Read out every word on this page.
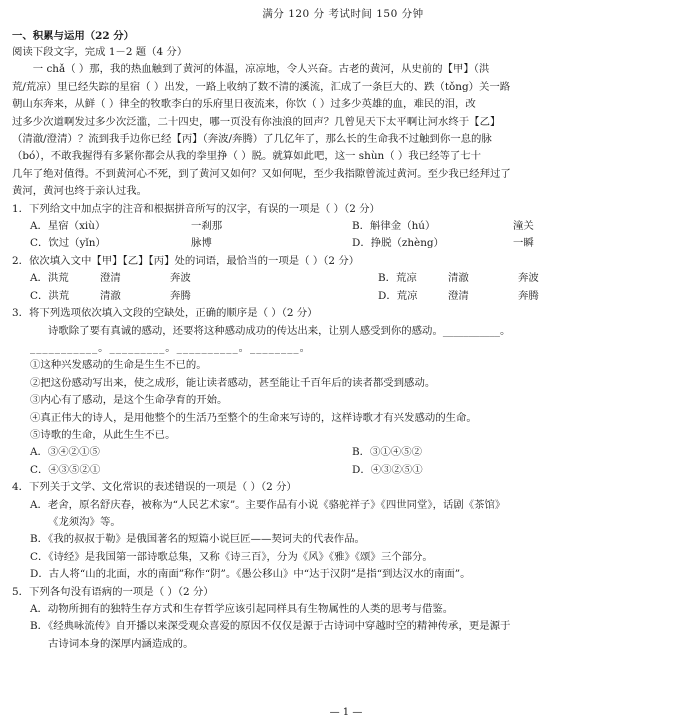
满分 120 分 考试时间 150 分钟
一、积累与运用（22 分）
阅读下段文字，完成 1－2 题（4 分）
一 chǎ（ ）那，我的热血触到了黄河的体温，凉凉地，令人兴奋。古老的黄河，从史前的【甲】（洪
荒/荒凉）里已经失踪的星宿（ ）出发，一路上收纳了数不清的溪流，汇成了一条巨大的、跌（tǒng）关一路
朝山东奔来，从鲜（ ）律全的牧歌李白的乐府里日夜流来，你饮（ ）过多少英雄的血，难民的泪，改
过多少次道啊发过多少次泛滥，二十四史，哪一页没有你浊浪的回声？几曾见天下太平啊让河水终于【乙】
（清澈/澄清）？流到我手边你已经【丙】（奔波/奔腾）了几亿年了，那么长的生命我不过触到你一息的脉
（bó），不敢我握得有多紧你都会从我的拳里挣（ ）脱。就算如此吧，这一 shùn（ ）我已经等了七十
几年了绝对值得。不到黄河心不死，到了黄河又如何？又如何呢，至少我指隙曾流过黄河。至少我已经拜过了
黄河，黄河也终于亲认过我。
1．下列给文中加点字的注音和根据拼音所写的汉字，有误的一项是（ ）（2 分）
A．星宿（xiù）	一刹那	B．斛律金（hú）	潼关
C．饮过（yǐn）	脉博	D．挣脱（zhèng）	一瞬
2．依次填入文中【甲】【乙】【丙】处的词语，最恰当的一项是（ ）（2 分）
A．洪荒	澄清	奔波	B．荒凉	清澈	奔波
C．洪荒	清澈	奔腾	D．荒凉	澄清	奔腾
3．将下列选项依次填入文段的空缺处，正确的顺序是（ ）（2 分）
诗歌除了要有真诚的感动，还要将这种感动成功的传达出来，让别人感受到你的感动。___________。
___________。_________。__________。________。
①这种兴发感动的生命是生生不已的。
②把这份感动写出来，使之成形，能让读者感动，甚至能让千百年后的读者都受到感动。
③内心有了感动，是这个生命孕育的开始。
④真正伟大的诗人，是用他整个的生活乃至整个的生命来写诗的，这样诗歌才有兴发感动的生命。
⑤诗歌的生命，从此生生不已。
A．③④②①⑤	B．③①④⑤②
C．④③⑤②①	D．④③②⑤①
4．下列关于文学、文化常识的表述错误的一项是（ ）（2 分）
A．老舍，原名舒庆春，被称为“人民艺术家”。主要作品有小说《骆驼祥子》《四世同堂》，话剧《茶馆》
《龙须沟》等。
B．《我的叔叔于勒》是俄国著名的短篇小说巨匠——契诃夫的代表作品。
C．《诗经》是我国第一部诗歌总集，又称《诗三百》，分为《风》《雅》《颂》三个部分。
D．古人将“山的北面，水的南面”称作“阴”。《愚公移山》中“达于汉阴”是指“到达汉水的南面”。
5．下列各句没有语病的一项是（ ）（2 分）
A．动物所拥有的独特生存方式和生存哲学应该引起同样具有生物属性的人类的思考与借鉴。
B．《经典咏流传》自开播以来深受观众喜爱的原因不仅仅是源于古诗词中穿越时空的精神传承，更是源于
古诗词本身的深厚内涵造成的。
— 1 —
